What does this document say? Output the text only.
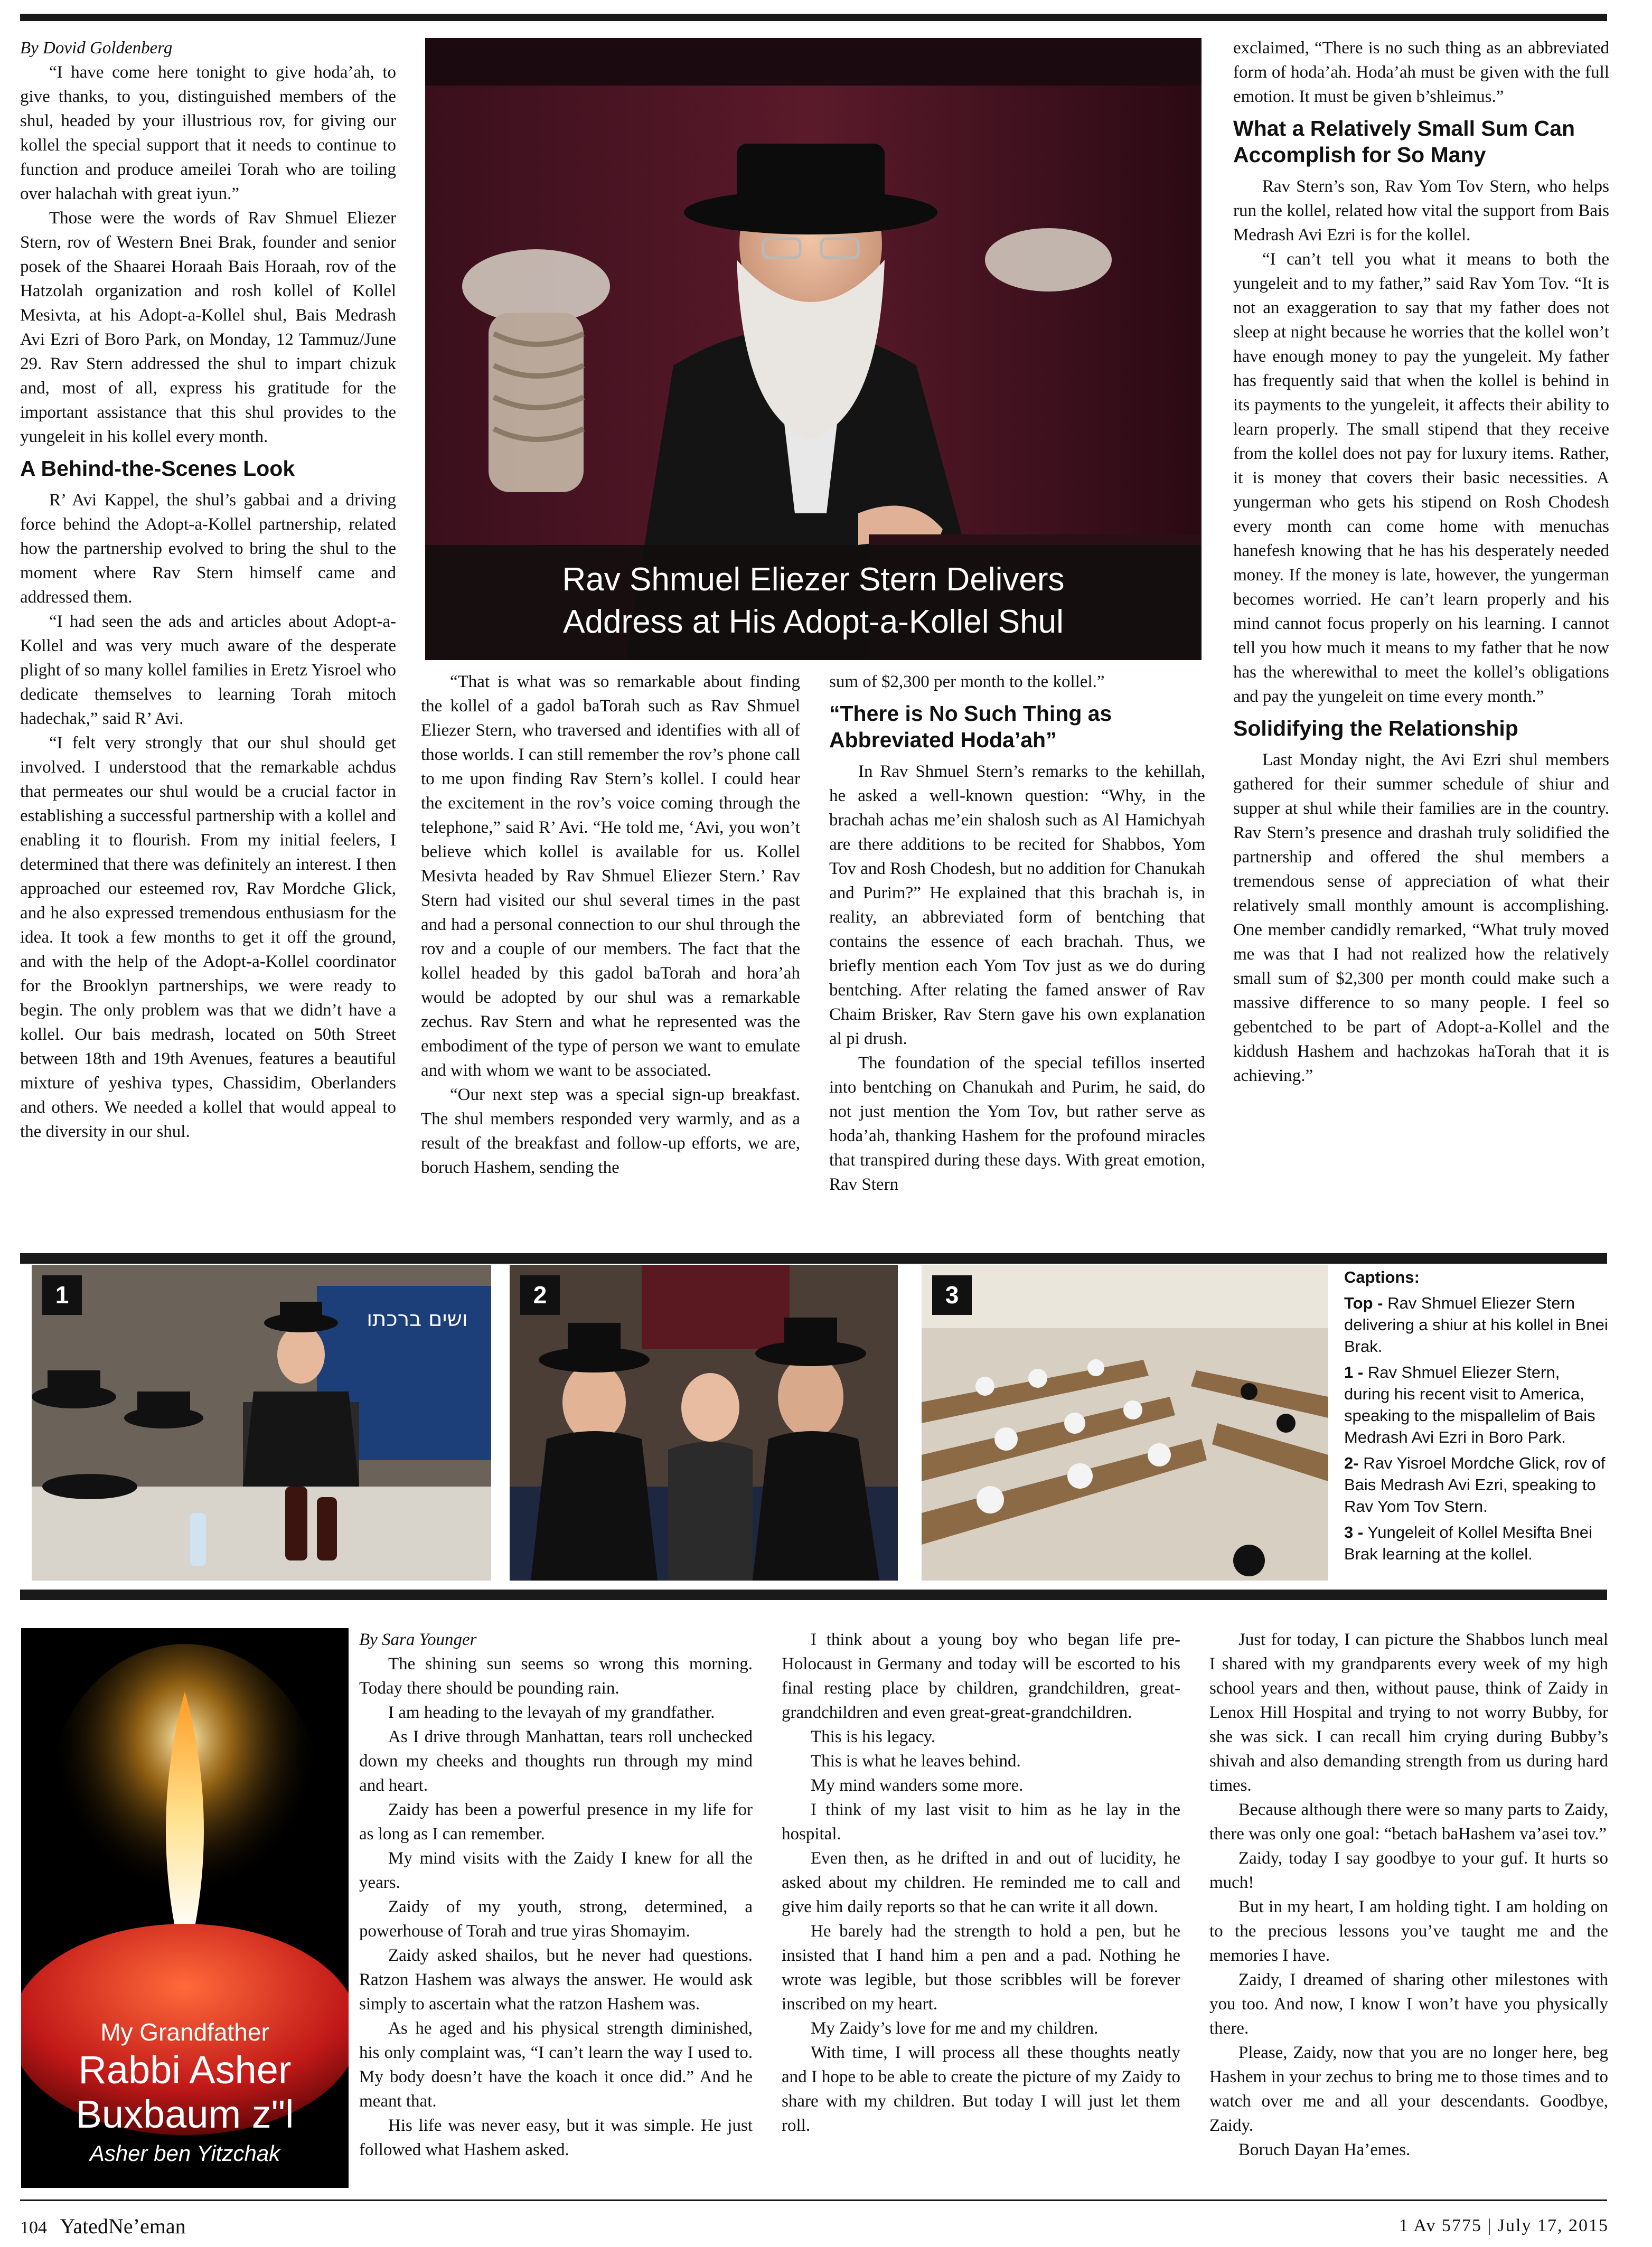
By Dovid Goldenberg

“I have come here tonight to give hoda’ah, to give thanks, to you, distinguished members of the shul, headed by your illustrious rov, for giving our kollel the special support that it needs to continue to function and produce ameilei Torah who are toiling over halachah with great iyun.”

Those were the words of Rav Shmuel Eliezer Stern, rov of Western Bnei Brak, founder and senior posek of the Shaarei Horaah Bais Horaah, rov of the Hatzolah organization and rosh kollel of Kollel Mesivta, at his Adopt-a-Kollel shul, Bais Medrash Avi Ezri of Boro Park, on Monday, 12 Tammuz/June 29. Rav Stern addressed the shul to impart chizuk and, most of all, express his gratitude for the important assistance that this shul provides to the yungeleit in his kollel every month.

A Behind-the-Scenes Look

R’ Avi Kappel, the shul’s gabbai and a driving force behind the Adopt-a-Kollel partnership, related how the partnership evolved to bring the shul to the moment where Rav Stern himself came and addressed them.

“I had seen the ads and articles about Adopt-a-Kollel and was very much aware of the desperate plight of so many kollel families in Eretz Yisroel who dedicate themselves to learning Torah mitoch hadechak,” said R’ Avi.

“I felt very strongly that our shul should get involved. I understood that the remarkable achdus that permeates our shul would be a crucial factor in establishing a successful partnership with a kollel and enabling it to flourish. From my initial feelers, I determined that there was definitely an interest. I then approached our esteemed rov, Rav Mordche Glick, and he also expressed tremendous enthusiasm for the idea. It took a few months to get it off the ground, and with the help of the Adopt-a-Kollel coordinator for the Brooklyn partnerships, we were ready to begin. The only problem was that we didn’t have a kollel. Our bais medrash, located on 50th Street between 18th and 19th Avenues, features a beautiful mixture of yeshiva types, Chassidim, Oberlanders and others. We needed a kollel that would appeal to the diversity in our shul.

Rav Shmuel Eliezer Stern Delivers
Address at His Adopt-a-Kollel Shul

“That is what was so remarkable about finding the kollel of a gadol baTorah such as Rav Shmuel Eliezer Stern, who traversed and identifies with all of those worlds. I can still remember the rov’s phone call to me upon finding Rav Stern’s kollel. I could hear the excitement in the rov’s voice coming through the telephone,” said R’ Avi. “He told me, ‘Avi, you won’t believe which kollel is available for us. Kollel Mesivta headed by Rav Shmuel Eliezer Stern.’ Rav Stern had visited our shul several times in the past and had a personal connection to our shul through the rov and a couple of our members. The fact that the kollel headed by this gadol baTorah and hora’ah would be adopted by our shul was a remarkable zechus. Rav Stern and what he represented was the embodiment of the type of person we want to emulate and with whom we want to be associated.

“Our next step was a special sign-up breakfast. The shul members responded very warmly, and as a result of the breakfast and follow-up efforts, we are, boruch Hashem, sending the

sum of $2,300 per month to the kollel.”

“There is No Such Thing as Abbreviated Hoda’ah”

In Rav Shmuel Stern’s remarks to the kehillah, he asked a well-known question: “Why, in the brachah achas me’ein shalosh such as Al Hamichyah are there additions to be recited for Shabbos, Yom Tov and Rosh Chodesh, but no addition for Chanukah and Purim?” He explained that this brachah is, in reality, an abbreviated form of bentching that contains the essence of each brachah. Thus, we briefly mention each Yom Tov just as we do during bentching. After relating the famed answer of Rav Chaim Brisker, Rav Stern gave his own explanation al pi drush.

The foundation of the special tefillos inserted into bentching on Chanukah and Purim, he said, do not just mention the Yom Tov, but rather serve as hoda’ah, thanking Hashem for the profound miracles that transpired during these days. With great emotion, Rav Stern

exclaimed, “There is no such thing as an abbreviated form of hoda’ah. Hoda’ah must be given with the full emotion. It must be given b’shleimus.”

What a Relatively Small Sum Can Accomplish for So Many

Rav Stern’s son, Rav Yom Tov Stern, who helps run the kollel, related how vital the support from Bais Medrash Avi Ezri is for the kollel.

“I can’t tell you what it means to both the yungeleit and to my father,” said Rav Yom Tov. “It is not an exaggeration to say that my father does not sleep at night because he worries that the kollel won’t have enough money to pay the yungeleit. My father has frequently said that when the kollel is behind in its payments to the yungeleit, it affects their ability to learn properly. The small stipend that they receive from the kollel does not pay for luxury items. Rather, it is money that covers their basic necessities. A yungerman who gets his stipend on Rosh Chodesh every month can come home with menuchas hanefesh knowing that he has his desperately needed money. If the money is late, however, the yungerman becomes worried. He can’t learn properly and his mind cannot focus properly on his learning. I cannot tell you how much it means to my father that he now has the wherewithal to meet the kollel’s obligations and pay the yungeleit on time every month.”

Solidifying the Relationship

Last Monday night, the Avi Ezri shul members gathered for their summer schedule of shiur and supper at shul while their families are in the country. Rav Stern’s presence and drashah truly solidified the partnership and offered the shul members a tremendous sense of appreciation of what their relatively small monthly amount is accomplishing. One member candidly remarked, “What truly moved me was that I had not realized how the relatively small sum of $2,300 per month could make such a massive difference to so many people. I feel so gebentched to be part of Adopt-a-Kollel and the kiddush Hashem and hachzokas haTorah that it is achieving.”

1
ושים ברכתו
2	3

Captions:

Top - Rav Shmuel Eliezer Stern delivering a shiur at his kollel in Bnei Brak.

1 - Rav Shmuel Eliezer Stern, during his recent visit to America, speaking to the mispallelim of Bais Medrash Avi Ezri in Boro Park.

2- Rav Yisroel Mordche Glick, rov of Bais Medrash Avi Ezri, speaking to Rav Yom Tov Stern.

3 - Yungeleit of Kollel Mesifta Bnei Brak learning at the kollel.

My Grandfather
Rabbi Asher
Buxbaum z"l
Asher ben Yitzchak

By Sara Younger

The shining sun seems so wrong this morning. Today there should be pounding rain.

I am heading to the levayah of my grandfather.

As I drive through Manhattan, tears roll unchecked down my cheeks and thoughts run through my mind and heart.

Zaidy has been a powerful presence in my life for as long as I can remember.

My mind visits with the Zaidy I knew for all the years.

Zaidy of my youth, strong, determined, a powerhouse of Torah and true yiras Shomayim.

Zaidy asked shailos, but he never had questions. Ratzon Hashem was always the answer. He would ask simply to ascertain what the ratzon Hashem was.

As he aged and his physical strength diminished, his only complaint was, “I can’t learn the way I used to. My body doesn’t have the koach it once did.” And he meant that.

His life was never easy, but it was simple. He just followed what Hashem asked.

I think about a young boy who began life pre-Holocaust in Germany and today will be escorted to his final resting place by children, grandchildren, great-grandchildren and even great-great-grandchildren.

This is his legacy.

This is what he leaves behind.

My mind wanders some more.

I think of my last visit to him as he lay in the hospital.

Even then, as he drifted in and out of lucidity, he asked about my children. He reminded me to call and give him daily reports so that he can write it all down.

He barely had the strength to hold a pen, but he insisted that I hand him a pen and a pad. Nothing he wrote was legible, but those scribbles will be forever inscribed on my heart.

My Zaidy’s love for me and my children.

With time, I will process all these thoughts neatly and I hope to be able to create the picture of my Zaidy to share with my children. But today I will just let them roll.

Just for today, I can picture the Shabbos lunch meal I shared with my grandparents every week of my high school years and then, without pause, think of Zaidy in Lenox Hill Hospital and trying to not worry Bubby, for she was sick. I can recall him crying during Bubby’s shivah and also demanding strength from us during hard times.

Because although there were so many parts to Zaidy, there was only one goal: “betach baHashem va’asei tov.”

Zaidy, today I say goodbye to your guf. It hurts so much!

But in my heart, I am holding tight. I am holding on to the precious lessons you’ve taught me and the memories I have.

Zaidy, I dreamed of sharing other milestones with you too. And now, I know I won’t have you physically there.

Please, Zaidy, now that you are no longer here, beg Hashem in your zechus to bring me to those times and to watch over me and all your descendants. Goodbye, Zaidy.

Boruch Dayan Ha’emes.

104 YatedNe’eman	1 Av 5775 | July 17, 2015
